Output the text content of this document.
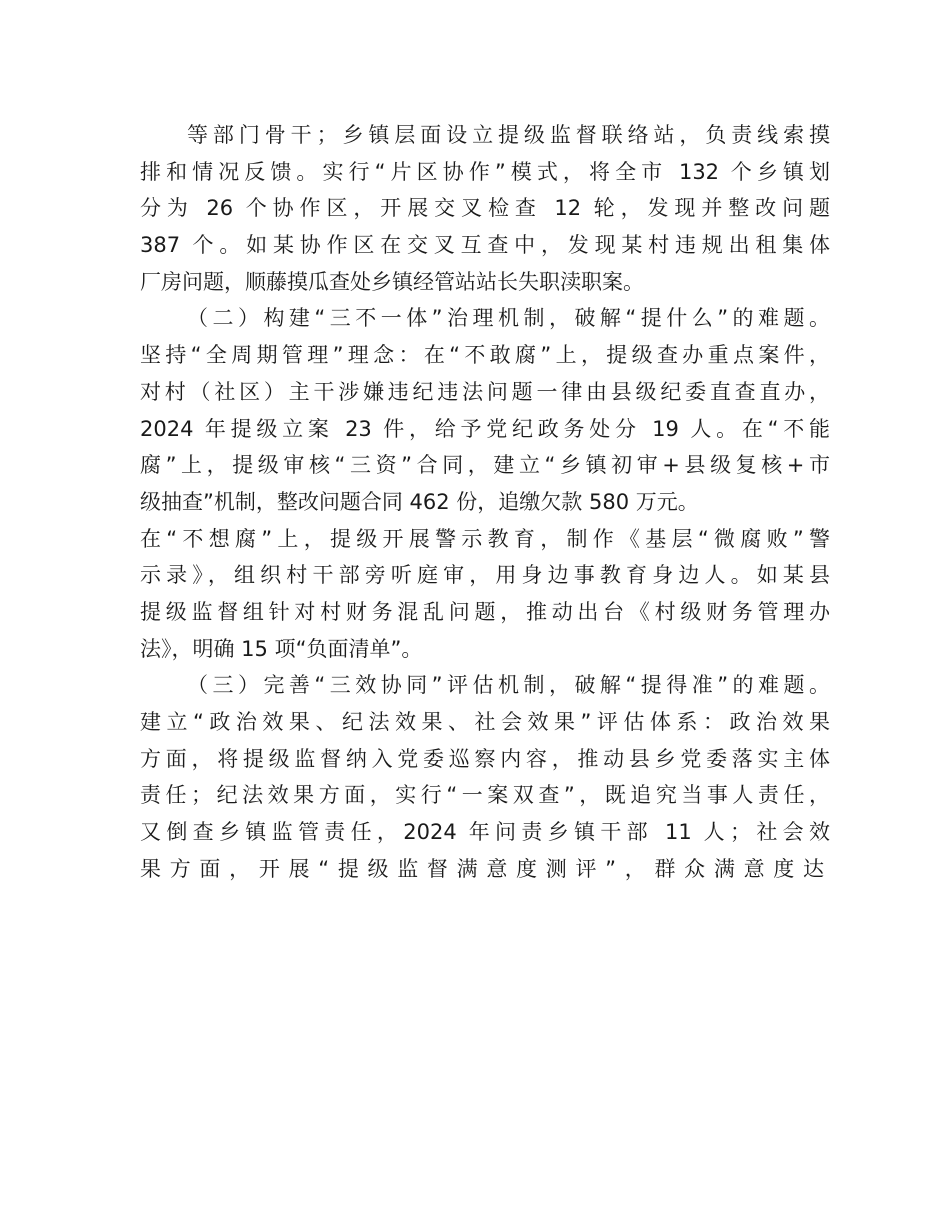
等部门骨干；乡镇层面设立提级监督联络站，负责线索摸
排和情况反馈。实行“片区协作”模式，将全市 132 个乡镇划
分为 26 个协作区，开展交叉检查 12 轮，发现并整改问题
387 个。如某协作区在交叉互查中，发现某村违规出租集体
厂房问题，顺藤摸瓜查处乡镇经管站站长失职渎职案。
（二）构建“三不一体”治理机制，破解“提什么”的难题。
坚持“全周期管理”理念：在“不敢腐”上，提级查办重点案件，
对村（社区）主干涉嫌违纪违法问题一律由县级纪委直查直办，
2024 年提级立案 23 件，给予党纪政务处分 19 人。在“不能
腐”上，提级审核“三资”合同，建立“乡镇初审+县级复核+市
级抽查”机制，整改问题合同 462 份，追缴欠款 580 万元。
在“不想腐”上，提级开展警示教育，制作《基层“微腐败”警
示录》，组织村干部旁听庭审，用身边事教育身边人。如某县
提级监督组针对村财务混乱问题，推动出台《村级财务管理办
法》，明确 15 项“负面清单”。
（三）完善“三效协同”评估机制，破解“提得准”的难题。
建立“政治效果、纪法效果、社会效果”评估体系：政治效果
方面，将提级监督纳入党委巡察内容，推动县乡党委落实主体
责任；纪法效果方面，实行“一案双查”，既追究当事人责任，
又倒查乡镇监管责任，2024 年问责乡镇干部 11 人；社会效
果方面，开展“提级监督满意度测评”，群众满意度达
